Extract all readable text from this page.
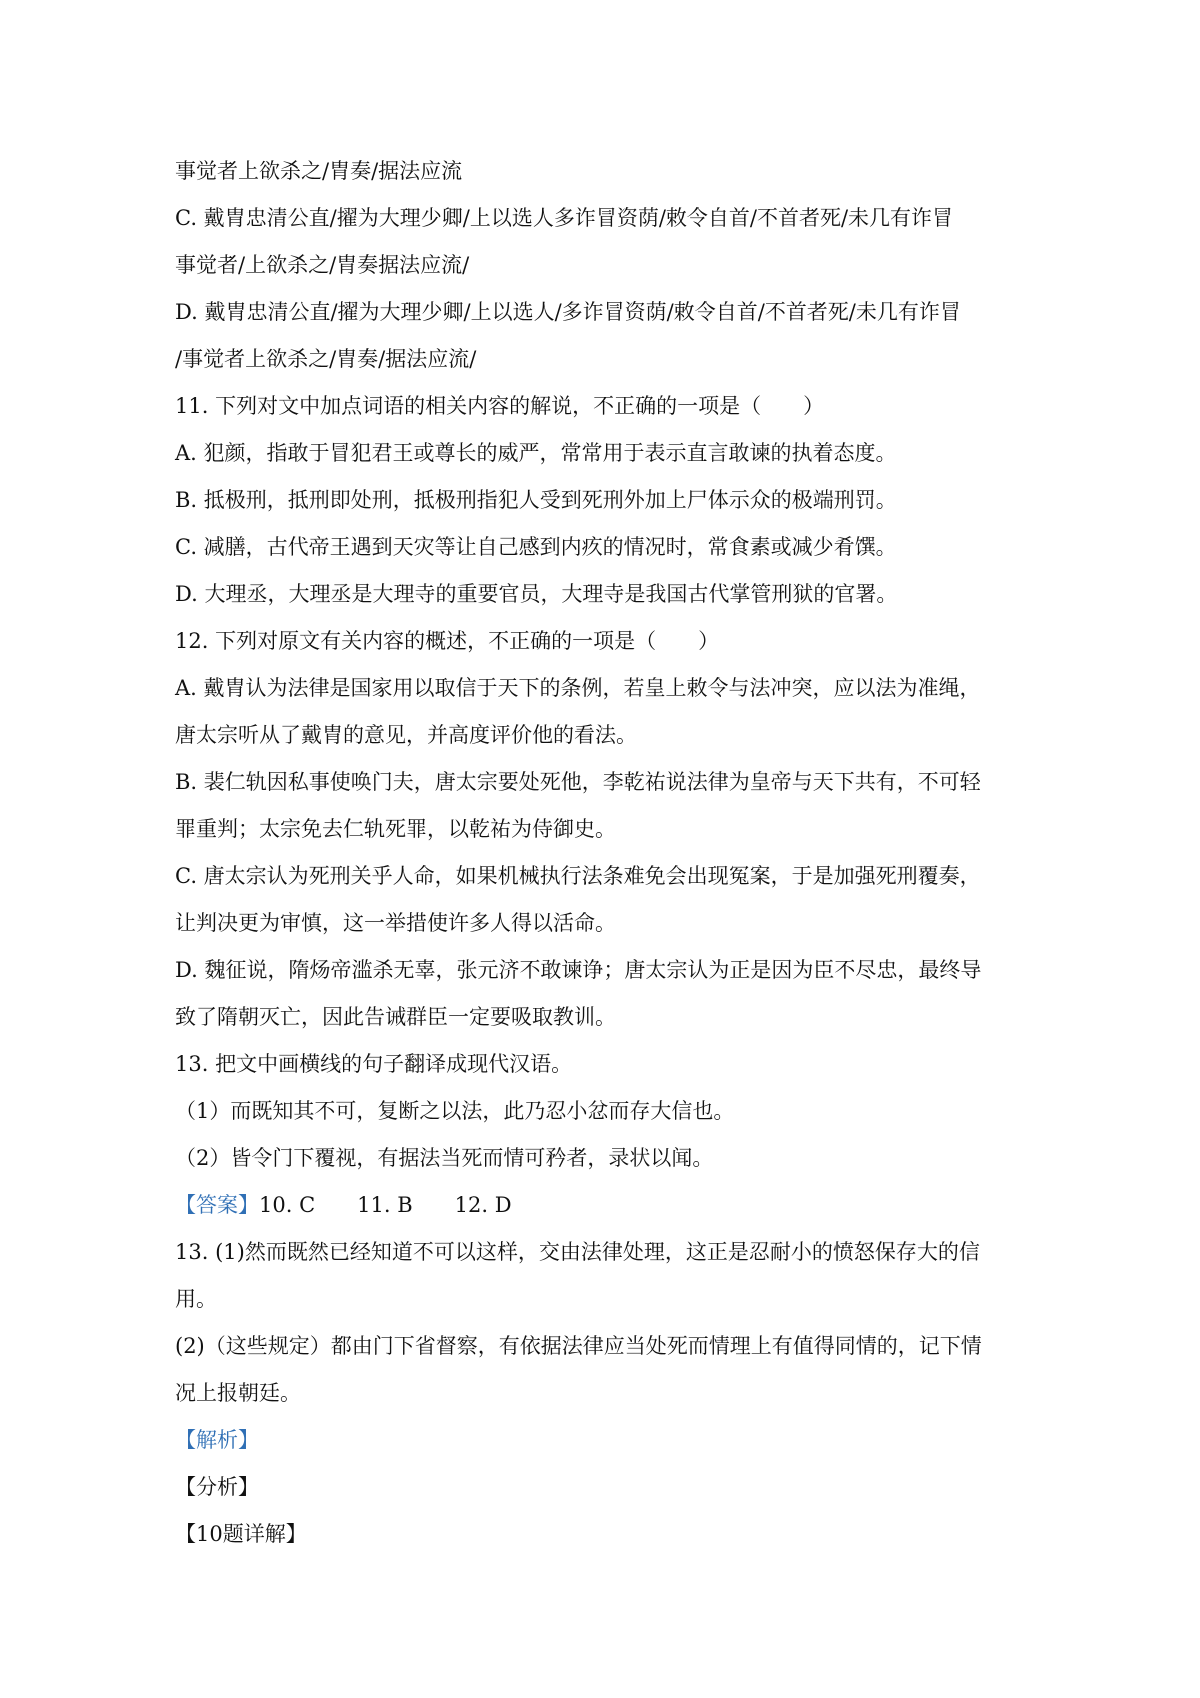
事觉者上欲杀之/胄奏/据法应流
C. 戴胄忠清公直/擢为大理少卿/上以选人多诈冒资荫/敕令自首/不首者死/未几有诈冒
事觉者/上欲杀之/胄奏据法应流/
D. 戴胄忠清公直/擢为大理少卿/上以选人/多诈冒资荫/敕令自首/不首者死/未几有诈冒
/事觉者上欲杀之/胄奏/据法应流/
11. 下列对文中加点词语的相关内容的解说，不正确的一项是（　　）
A. 犯颜，指敢于冒犯君王或尊长的威严，常常用于表示直言敢谏的执着态度。
B. 抵极刑，抵刑即处刑，抵极刑指犯人受到死刑外加上尸体示众的极端刑罚。
C. 减膳，古代帝王遇到天灾等让自己感到内疚的情况时，常食素或减少肴馔。
D. 大理丞，大理丞是大理寺的重要官员，大理寺是我国古代掌管刑狱的官署。
12. 下列对原文有关内容的概述，不正确的一项是（　　）
A. 戴胄认为法律是国家用以取信于天下的条例，若皇上敕令与法冲突，应以法为准绳，
唐太宗听从了戴胄的意见，并高度评价他的看法。
B. 裴仁轨因私事使唤门夫，唐太宗要处死他，李乾祐说法律为皇帝与天下共有，不可轻
罪重判；太宗免去仁轨死罪，以乾祐为侍御史。
C. 唐太宗认为死刑关乎人命，如果机械执行法条难免会出现冤案，于是加强死刑覆奏，
让判决更为审慎，这一举措使许多人得以活命。
D. 魏征说，隋炀帝滥杀无辜，张元济不敢谏诤；唐太宗认为正是因为臣不尽忠，最终导
致了隋朝灭亡，因此告诫群臣一定要吸取教训。
13. 把文中画横线的句子翻译成现代汉语。
（1）而既知其不可，复断之以法，此乃忍小忿而存大信也。
（2）皆令门下覆视，有据法当死而情可矜者，录状以闻。
【答案】10. C 11. B 12. D
13. (1)然而既然已经知道不可以这样，交由法律处理，这正是忍耐小的愤怒保存大的信
用。
(2)（这些规定）都由门下省督察，有依据法律应当处死而情理上有值得同情的，记下情
况上报朝廷。
【解析】
【分析】
【10题详解】
